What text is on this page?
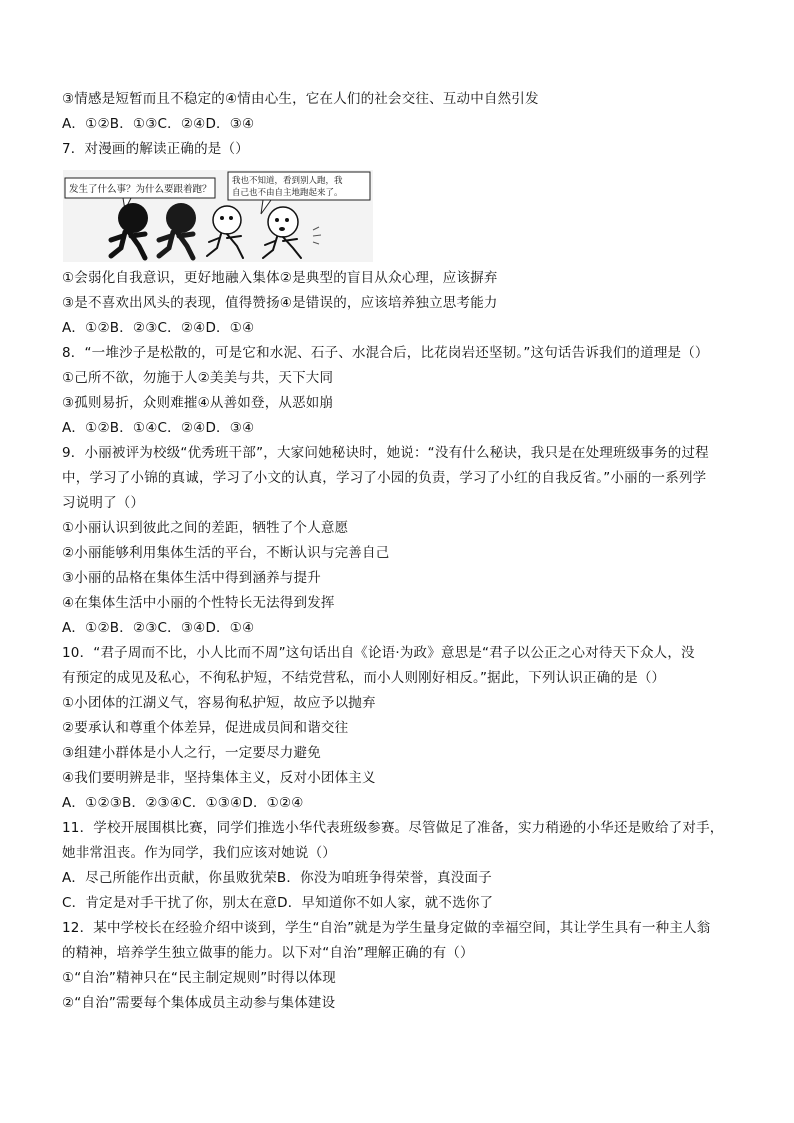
③情感是短暂而且不稳定的④情由心生，它在人们的社会交往、互动中自然引发
A．①②B．①③C．②④D．③④
7．对漫画的解读正确的是（）
发生了什么事？为什么要跟着跑？
我也不知道，看到别人跑，我
自己也不由自主地跑起来了。
①会弱化自我意识，更好地融入集体②是典型的盲目从众心理，应该摒弃
③是不喜欢出风头的表现，值得赞扬④是错误的，应该培养独立思考能力
A．①②B．②③C．②④D．①④
8．“一堆沙子是松散的，可是它和水泥、石子、水混合后，比花岗岩还坚韧。”这句话告诉我们的道理是（）
①己所不欲，勿施于人②美美与共，天下大同
③孤则易折，众则难摧④从善如登，从恶如崩
A．①②B．①④C．②④D．③④
9．小丽被评为校级“优秀班干部”，大家问她秘诀时，她说：“没有什么秘诀，我只是在处理班级事务的过程
中，学习了小锦的真诚，学习了小文的认真，学习了小园的负责，学习了小红的自我反省。”小丽的一系列学
习说明了（）
①小丽认识到彼此之间的差距，牺牲了个人意愿
②小丽能够利用集体生活的平台，不断认识与完善自己
③小丽的品格在集体生活中得到涵养与提升
④在集体生活中小丽的个性特长无法得到发挥
A．①②B．②③C．③④D．①④
10．“君子周而不比，小人比而不周”这句话出自《论语·为政》意思是“君子以公正之心对待天下众人，没
有预定的成见及私心，不徇私护短，不结党营私，而小人则刚好相反。”据此，下列认识正确的是（）
①小团体的江湖义气，容易徇私护短，故应予以抛弃
②要承认和尊重个体差异，促进成员间和谐交往
③组建小群体是小人之行，一定要尽力避免
④我们要明辨是非，坚持集体主义，反对小团体主义
A．①②③B．②③④C．①③④D．①②④
11．学校开展围棋比赛，同学们推选小华代表班级参赛。尽管做足了准备，实力稍逊的小华还是败给了对手，
她非常沮丧。作为同学，我们应该对她说（）
A．尽己所能作出贡献，你虽败犹荣B．你没为咱班争得荣誉，真没面子
C．肯定是对手干扰了你，别太在意D．早知道你不如人家，就不选你了
12．某中学校长在经验介绍中谈到，学生“自治”就是为学生量身定做的幸福空间，其让学生具有一种主人翁
的精神，培养学生独立做事的能力。以下对“自治”理解正确的有（）
①“自治”精神只在“民主制定规则”时得以体现
②“自治”需要每个集体成员主动参与集体建设
